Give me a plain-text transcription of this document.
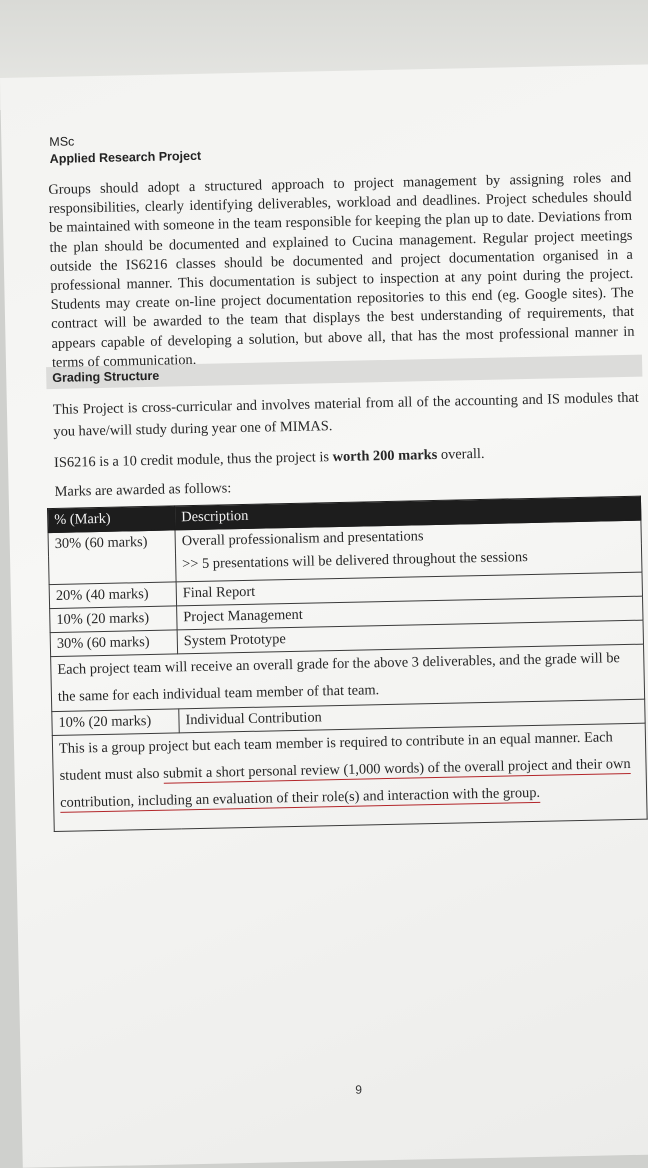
MSc
Applied Research Project

Groups should adopt a structured approach to project management by assigning roles and responsibilities, clearly identifying deliverables, workload and deadlines. Project schedules should be maintained with someone in the team responsible for keeping the plan up to date. Deviations from the plan should be documented and explained to Cucina management. Regular project meetings outside the IS6216 classes should be documented and project documentation organised in a professional manner. This documentation is subject to inspection at any point during the project. Students may create on-line project documentation repositories to this end (eg. Google sites). The contract will be awarded to the team that displays the best understanding of requirements, that appears capable of developing a solution, but above all, that has the most professional manner in terms of communication.

Grading Structure

This Project is cross-curricular and involves material from all of the accounting and IS modules that you have/will study during year one of MIMAS.

IS6216 is a 10 credit module, thus the project is worth 200 marks overall.

Marks are awarded as follows:

% (Mark)	Description
30% (60 marks)	Overall professionalism and presentations
	>> 5 presentations will be delivered throughout the sessions
20% (40 marks)	Final Report
10% (20 marks)	Project Management
30% (60 marks)	System Prototype
Each project team will receive an overall grade for the above 3 deliverables, and the grade will be the same for each individual team member of that team.	
10% (20 marks)	Individual Contribution
This is a group project but each team member is required to contribute in an equal manner. Each student must also submit a short personal review (1,000 words) of the overall project and their own contribution, including an evaluation of their role(s) and interaction with the group.	
9
